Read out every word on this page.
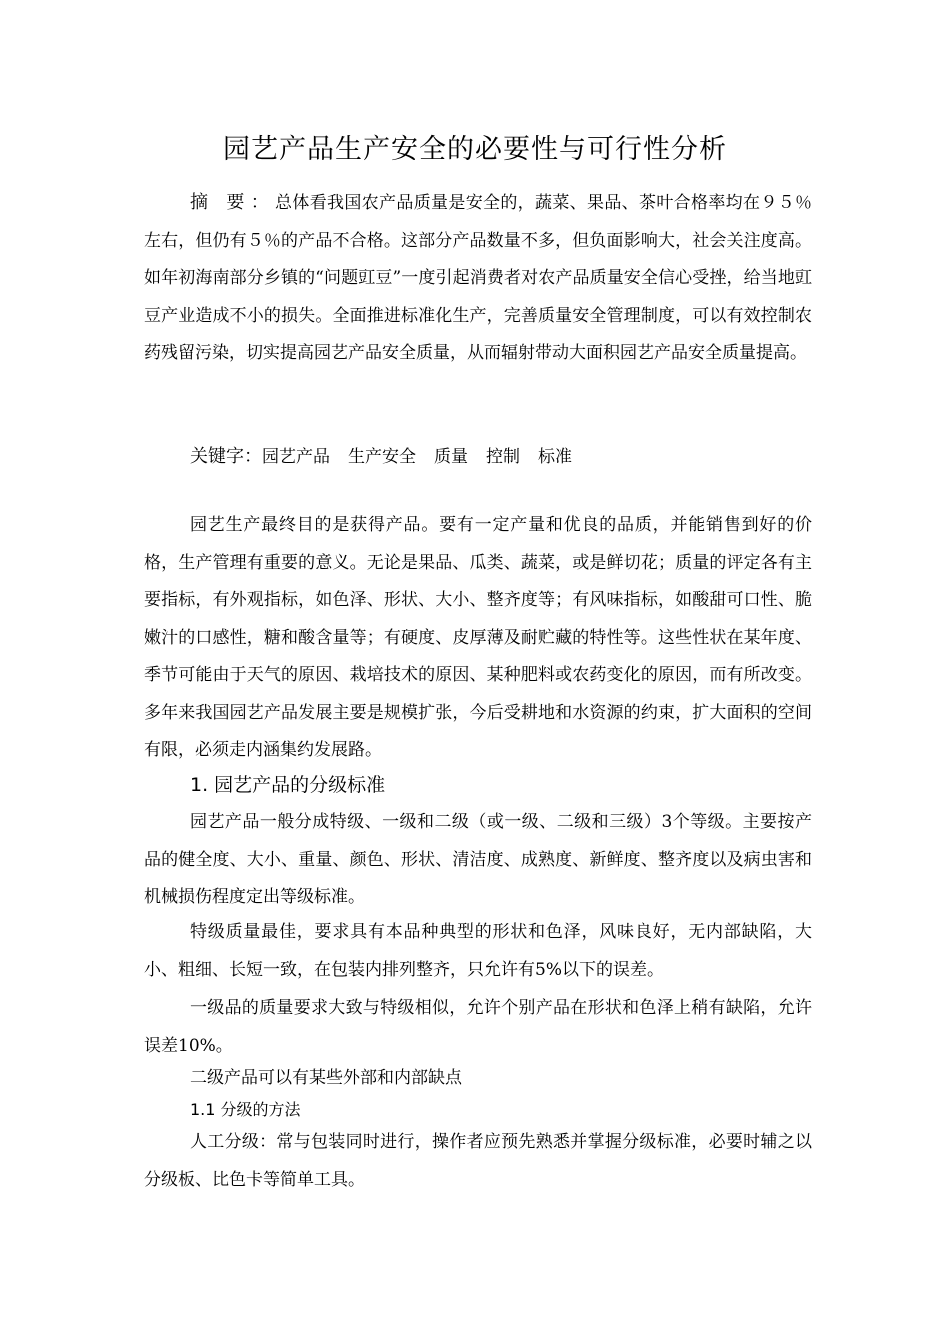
园艺产品生产安全的必要性与可行性分析

摘 要：总体看我国农产品质量是安全的，蔬菜、果品、茶叶合格率均在９５％左右，但仍有５％的产品不合格。这部分产品数量不多，但负面影响大，社会关注度高。如年初海南部分乡镇的“问题豇豆”一度引起消费者对农产品质量安全信心受挫，给当地豇豆产业造成不小的损失。全面推进标准化生产，完善质量安全管理制度，可以有效控制农药残留污染，切实提高园艺产品安全质量，从而辐射带动大面积园艺产品安全质量提高。

关键字：园艺产品 生产安全 质量 控制 标准

园艺生产最终目的是获得产品。要有一定产量和优良的品质，并能销售到好的价格，生产管理有重要的意义。无论是果品、瓜类、蔬菜，或是鲜切花；质量的评定各有主要指标，有外观指标，如色泽、形状、大小、整齐度等；有风味指标，如酸甜可口性、脆嫩汁的口感性，糖和酸含量等；有硬度、皮厚薄及耐贮藏的特性等。这些性状在某年度、季节可能由于天气的原因、栽培技术的原因、某种肥料或农药变化的原因，而有所改变。多年来我国园艺产品发展主要是规模扩张，今后受耕地和水资源的约束，扩大面积的空间有限，必须走内涵集约发展路。

1. 园艺产品的分级标准

园艺产品一般分成特级、一级和二级（或一级、二级和三级）3个等级。主要按产品的健全度、大小、重量、颜色、形状、清洁度、成熟度、新鲜度、整齐度以及病虫害和机械损伤程度定出等级标准。

特级质量最佳，要求具有本品种典型的形状和色泽，风味良好，无内部缺陷，大小、粗细、长短一致，在包装内排列整齐，只允许有5%以下的误差。

一级品的质量要求大致与特级相似，允许个别产品在形状和色泽上稍有缺陷，允许误差10%。

二级产品可以有某些外部和内部缺点

1.1 分级的方法

人工分级：常与包装同时进行，操作者应预先熟悉并掌握分级标准，必要时辅之以分级板、比色卡等简单工具。
